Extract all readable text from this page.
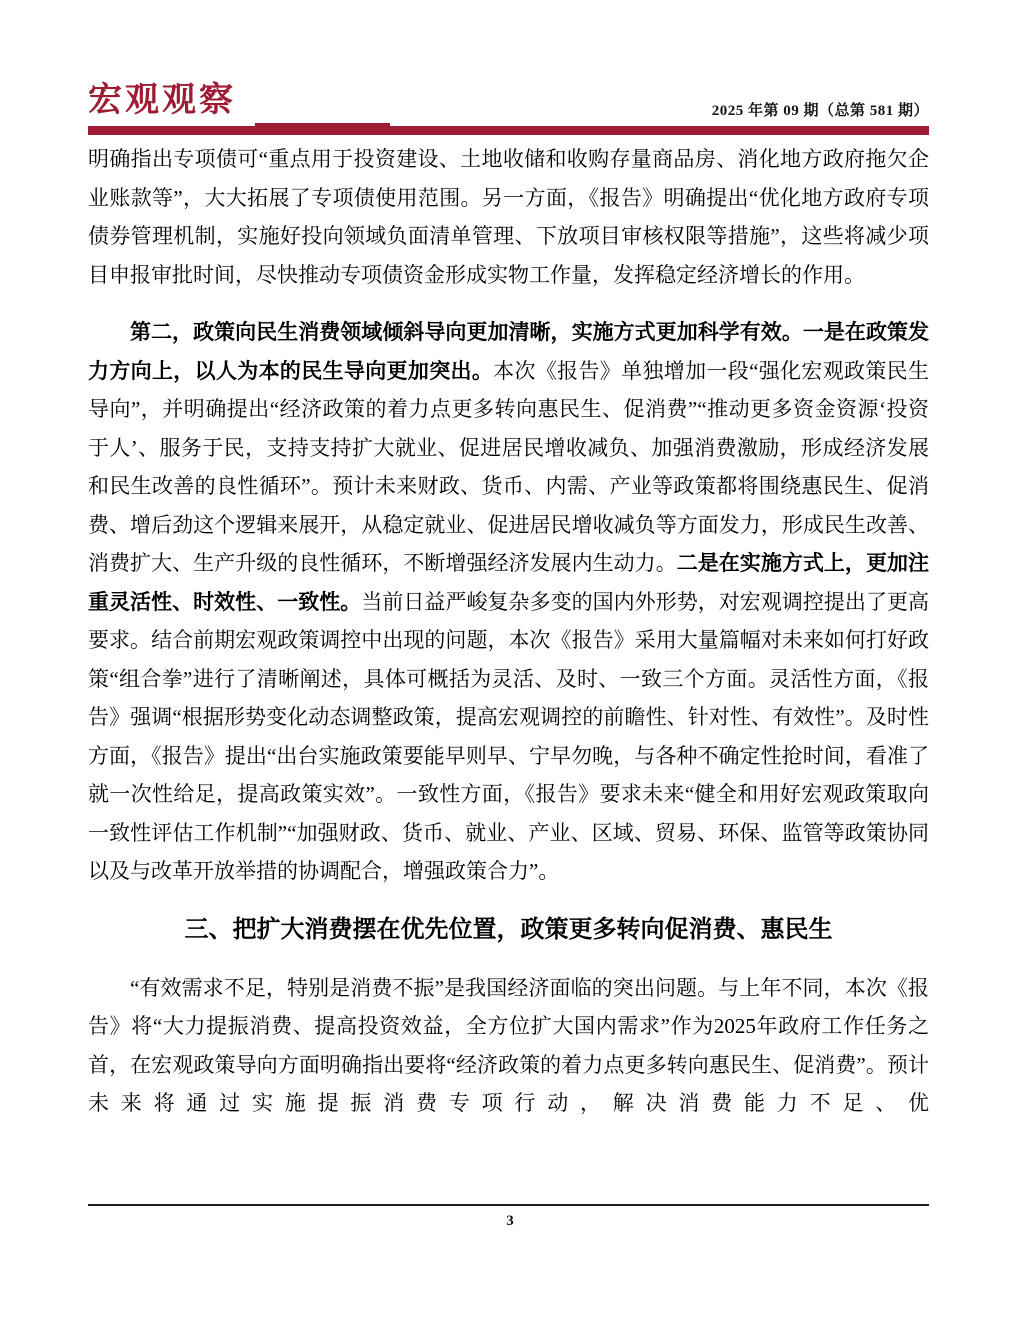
宏观观察	2025 年第 09 期（总第 581 期）

明确指出专项债可“重点用于投资建设、土地收储和收购存量商品房、消化地方政府拖欠企业账款等”，大大拓展了专项债使用范围。另一方面，《报告》明确提出“优化地方政府专项债券管理机制，实施好投向领域负面清单管理、下放项目审核权限等措施”，这些将减少项目申报审批时间，尽快推动专项债资金形成实物工作量，发挥稳定经济增长的作用。

第二，政策向民生消费领域倾斜导向更加清晰，实施方式更加科学有效。一是在政策发力方向上，以人为本的民生导向更加突出。本次《报告》单独增加一段“强化宏观政策民生导向”，并明确提出“经济政策的着力点更多转向惠民生、促消费”“推动更多资金资源‘投资于人’、服务于民，支持支持扩大就业、促进居民增收减负、加强消费激励，形成经济发展和民生改善的良性循环”。预计未来财政、货币、内需、产业等政策都将围绕惠民生、促消费、增后劲这个逻辑来展开，从稳定就业、促进居民增收减负等方面发力，形成民生改善、消费扩大、生产升级的良性循环，不断增强经济发展内生动力。二是在实施方式上，更加注重灵活性、时效性、一致性。当前日益严峻复杂多变的国内外形势，对宏观调控提出了更高要求。结合前期宏观政策调控中出现的问题，本次《报告》采用大量篇幅对未来如何打好政策“组合拳”进行了清晰阐述，具体可概括为灵活、及时、一致三个方面。灵活性方面，《报告》强调“根据形势变化动态调整政策，提高宏观调控的前瞻性、针对性、有效性”。及时性方面，《报告》提出“出台实施政策要能早则早、宁早勿晚，与各种不确定性抢时间，看准了就一次性给足，提高政策实效”。一致性方面，《报告》要求未来“健全和用好宏观政策取向一致性评估工作机制”“加强财政、货币、就业、产业、区域、贸易、环保、监管等政策协同以及与改革开放举措的协调配合，增强政策合力”。

三、把扩大消费摆在优先位置，政策更多转向促消费、惠民生

“有效需求不足，特别是消费不振”是我国经济面临的突出问题。与上年不同，本次《报告》将“大力提振消费、提高投资效益，全方位扩大国内需求”作为2025年政府工作任务之首，在宏观政策导向方面明确指出要将“经济政策的着力点更多转向惠民生、促消费”。预计未来将通过实施提振消费专项行动，解决消费能力不足、优

3
